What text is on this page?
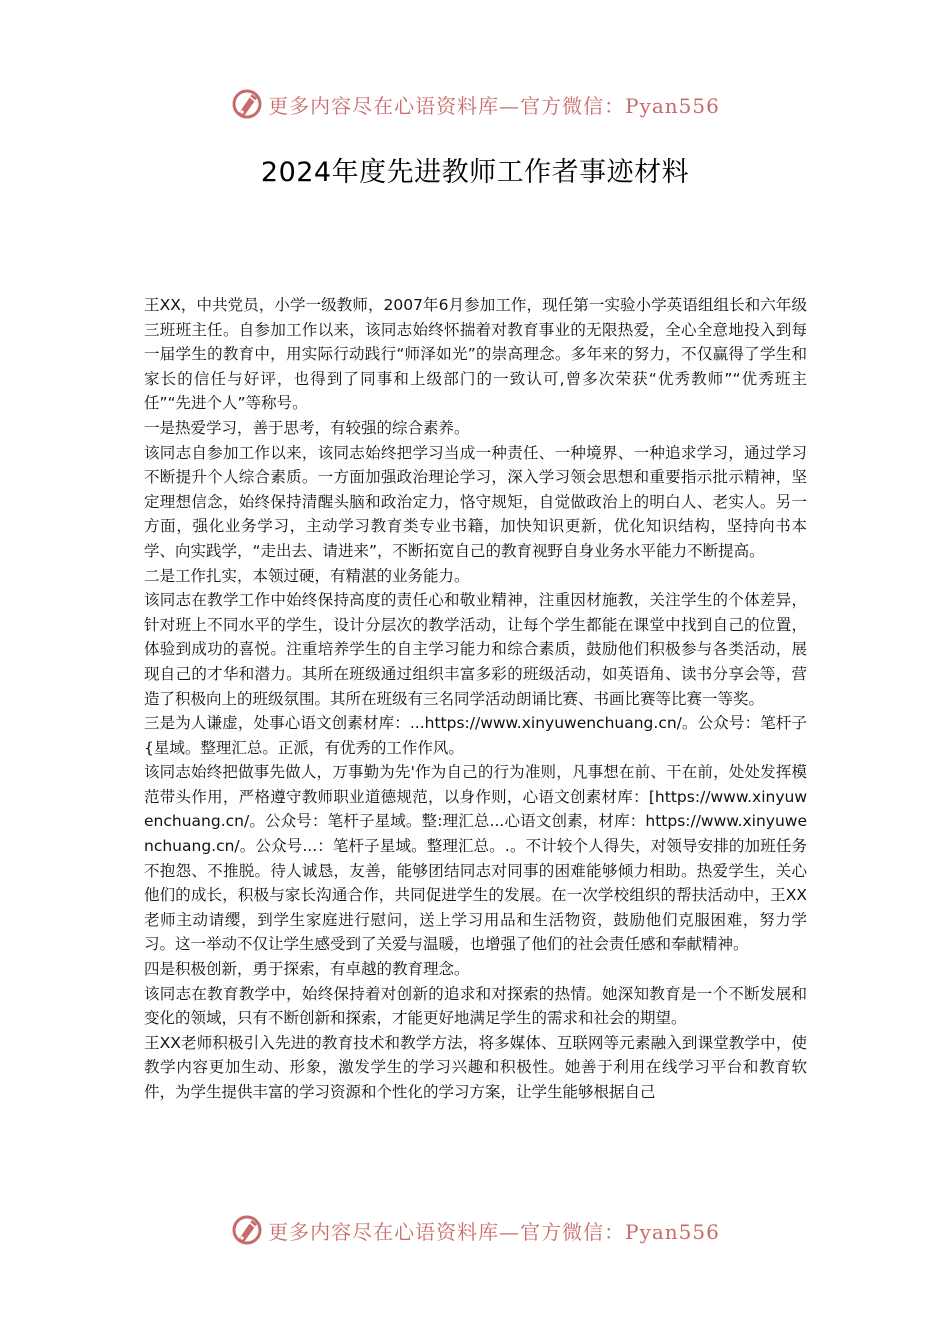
更多内容尽在心语资料库—官方微信：Pyan556
2024年度先进教师工作者事迹材料

王XX，中共党员，小学一级教师，2007年6月参加工作，现任第一实验小学英语组组长和六年级三班班主任。自参加工作以来，该同志始终怀揣着对教育事业的无限热爱，全心全意地投入到每一届学生的教育中，用实际行动践行“师泽如光”的崇高理念。多年来的努力，不仅赢得了学生和家长的信任与好评，也得到了同事和上级部门的一致认可,曾多次荣获“优秀教师”“优秀班主任”“先进个人”等称号。

一是热爱学习，善于思考，有较强的综合素养。

该同志自参加工作以来，该同志始终把学习当成一种责任、一种境界、一种追求学习，通过学习不断提升个人综合素质。一方面加强政治理论学习，深入学习领会思想和重要指示批示精神，坚定理想信念，始终保持清醒头脑和政治定力，恪守规矩，自觉做政治上的明白人、老实人。另一方面，强化业务学习，主动学习教育类专业书籍，加快知识更新，优化知识结构，坚持向书本学、向实践学，“走出去、请进来”，不断拓宽自己的教育视野自身业务水平能力不断提高。

二是工作扎实，本领过硬，有精湛的业务能力。

该同志在教学工作中始终保持高度的责任心和敬业精神，注重因材施教，关注学生的个体差异，针对班上不同水平的学生，设计分层次的教学活动，让每个学生都能在课堂中找到自己的位置，体验到成功的喜悦。注重培养学生的自主学习能力和综合素质，鼓励他们积极参与各类活动，展现自己的才华和潜力。其所在班级通过组织丰富多彩的班级活动，如英语角、读书分享会等，营造了积极向上的班级氛围。其所在班级有三名同学活动朗诵比赛、书画比赛等比赛一等奖。

三是为人谦虚，处事心语文创素材库：...https://www.xinyuwenchuang.cn/。公众号：笔杆子{星域。整理汇总。正派，有优秀的工作作风。

该同志始终把做事先做人，万事勤为先'作为自己的行为准则，凡事想在前、干在前，处处发挥模范带头作用，严格遵守教师职业道德规范，以身作则，心语文创素材库：[https://www.xinyuwenchuang.cn/。公众号：笔杆子星域。整:理汇总...心语文创素，材库：https://www.xinyuwenchuang.cn/。公众号...：笔杆子星域。整理汇总。.。不计较个人得失，对领导安排的加班任务不抱怨、不推脱。待人诚恳，友善，能够团结同志对同事的困难能够倾力相助。热爱学生，关心他们的成长，积极与家长沟通合作，共同促进学生的发展。在一次学校组织的帮扶活动中，王XX老师主动请缨，到学生家庭进行慰问，送上学习用品和生活物资，鼓励他们克服困难，努力学习。这一举动不仅让学生感受到了关爱与温暖，也增强了他们的社会责任感和奉献精神。

四是积极创新，勇于探索，有卓越的教育理念。

该同志在教育教学中，始终保持着对创新的追求和对探索的热情。她深知教育是一个不断发展和变化的领域，只有不断创新和探索，才能更好地满足学生的需求和社会的期望。

王XX老师积极引入先进的教育技术和教学方法，将多媒体、互联网等元素融入到课堂教学中，使教学内容更加生动、形象，激发学生的学习兴趣和积极性。她善于利用在线学习平台和教育软件，为学生提供丰富的学习资源和个性化的学习方案，让学生能够根据自己

更多内容尽在心语资料库—官方微信：Pyan556
